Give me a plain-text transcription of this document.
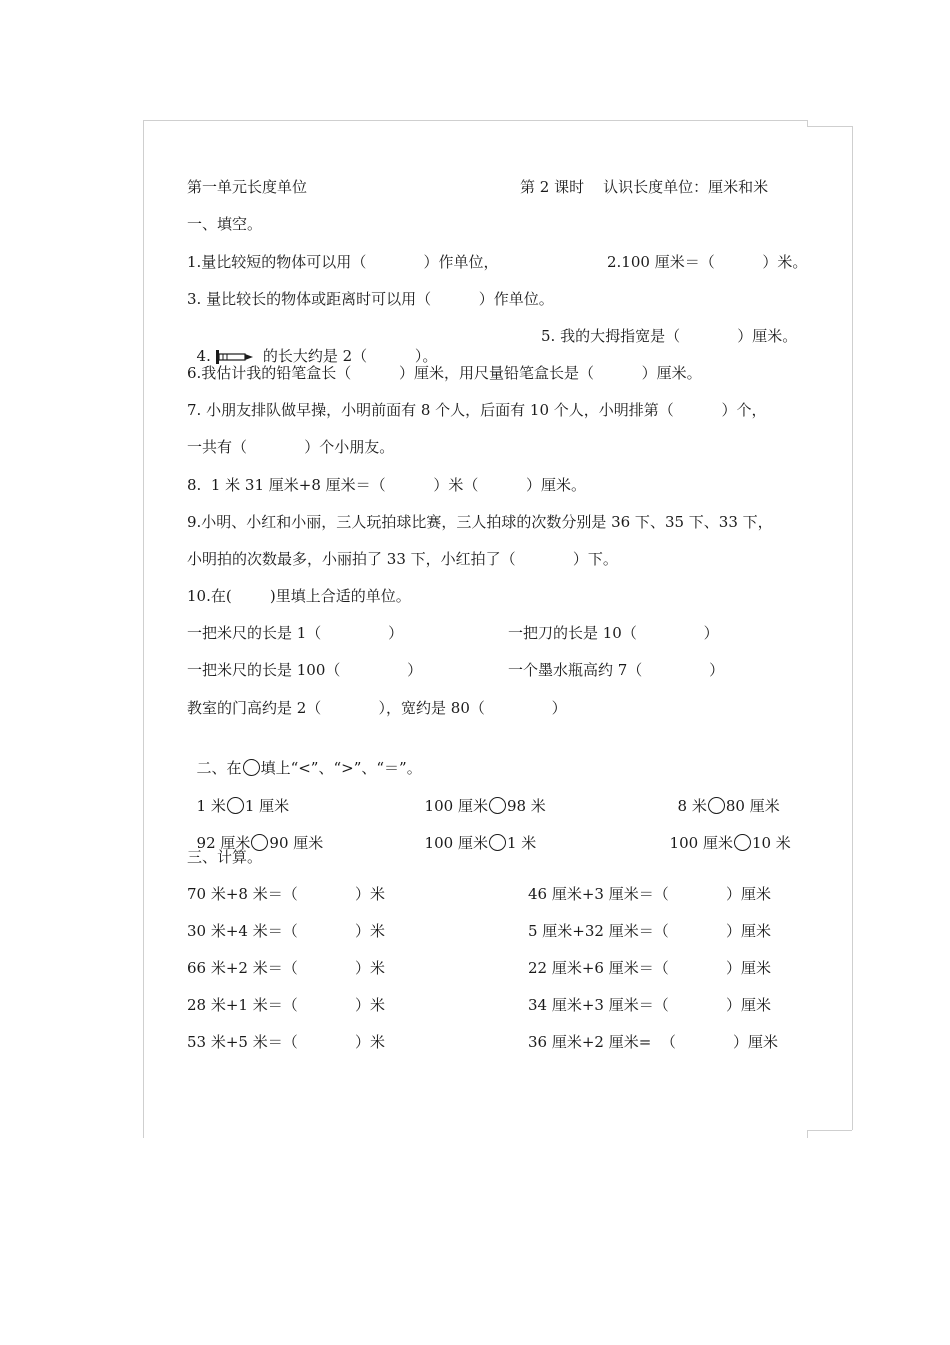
第一单元长度单位	第 2 课时    认识长度单位：厘米和米
一、填空。
1.量比较短的物体可以用（            ）作单位，	2.100 厘米＝（          ）米。
3. 量比较长的物体或距离时可以用（          ）作单位。

4.	的长大约是 2（          ）。

5. 我的大拇指宽是（            ）厘米。
6.我估计我的铅笔盒长（          ）厘米，用尺量铅笔盒长是（          ）厘米。
7. 小朋友排队做早操，小明前面有 8 个人，后面有 10 个人，小明排第（          ）个，
一共有（            ）个小朋友。
8.  1 米 31 厘米+8 厘米＝（          ）米（          ）厘米。
9.小明、小红和小丽，三人玩拍球比赛，三人拍球的次数分别是 36 下、35 下、33 下，
小明拍的次数最多，小丽拍了 33 下，小红拍了（            ）下。
10.在(        )里填上合适的单位。
一把米尺的长是 1（              ）	一把刀的长是 10（              ）
一把米尺的长是 100（              ）	一个墨水瓶高约 7（              ）
教室的门高约是 2（            ），宽约是 80（              ）

二、在 填上“<”、“>”、“＝”。

1 米 1 厘米	100 厘米 98 米	8 米 80 厘米

92 厘米 90 厘米	100 厘米 1 米	100 厘米 10 米

三、计算。
70 米+8 米＝（            ）米	46 厘米+3 厘米＝（            ）厘米
30 米+4 米＝（            ）米	5 厘米+32 厘米＝（            ）厘米
66 米+2 米＝（            ）米	22 厘米+6 厘米＝（            ）厘米
28 米+1 米＝（            ）米	34 厘米+3 厘米＝（            ）厘米
53 米+5 米＝（            ）米	36 厘米+2 厘米=  （            ）厘米
